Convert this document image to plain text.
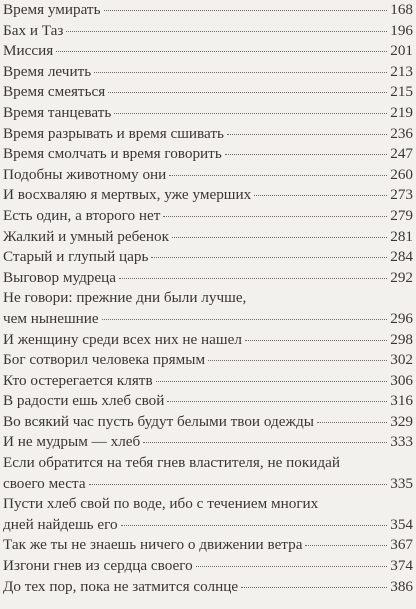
Время умирать	168
Бах и Таз	196
Миссия	201
Время лечить	213
Время смеяться	215
Время танцевать	219
Время разрывать и время сшивать	236
Время смолчать и время говорить	247
Подобны животному они	260
И восхваляю я мертвых, уже умерших	273
Есть один, а второго нет	279
Жалкий и умный ребенок	281
Старый и глупый царь	284
Выговор мудреца	292
Не говори: прежние дни были лучше,
чем нынешние	296
И женщину среди всех них не нашел	298
Бог сотворил человека прямым	302
Кто остерегается клятв	306
В радости ешь хлеб свой	316
Во всякий час пусть будут белыми твои одежды	329
И не мудрым — хлеб	333
Если обратится на тебя гнев властителя, не покидай
своего места	335
Пусти хлеб свой по воде, ибо с течением многих
дней найдешь его	354
Так же ты не знаешь ничего о движении ветра	367
Изгони гнев из сердца своего	374
До тех пор, пока не затмится солнце	386
